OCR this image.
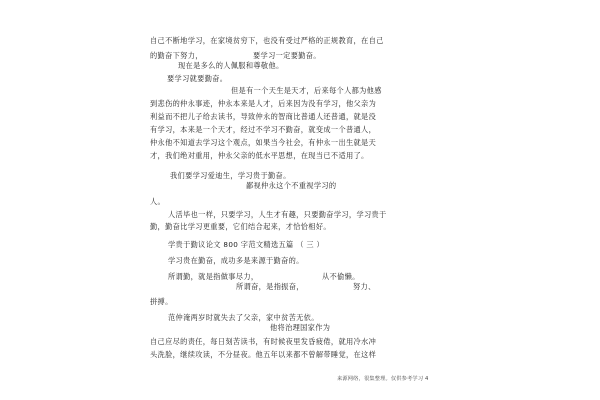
自己不断地学习，在家境贫穷下，也没有受过严格的正规教育，在自己

的勤奋下努力，	要学习一定要勤奋。

现在是多么的人佩服和尊敬他。

要学习就要勤奋。

但是有一个天生是天才，后来每个人都为他感

到悲伤的仲永事迹，仲永本来是人才，后来因为没有学习，他父亲为

利益而不把儿子给去读书，导致仲永的智商比普通人还普通，就是没

有学习，本来是一个天才，经过不学习不勤奋，就变成一个普通人，

仲永他不知道去学习这个观点，如果当今社会，有仲永一出生就是天

才，我们绝对重用，仲永父亲的低水平思想，在现当已不适用了。

我们要学习爱迪生，学习贵于勤奋。

鄙视仲永这个不重视学习的

人。

人活毕也一样，只要学习，人生才有趣，只要勤奋学习，学习贵于

勤，勤奋比学习更重要，它们结合起来，才恰恰相好。

学贵于勤议论文 800 字范文精选五篇 （ 三 ）

学习贵在勤奋，成功多是来源于勤奋的。

所谓勤，就是指做事尽力，	从不偷懒。

所谓奋，是指振奋，	努力、

拼搏。

范仲淹两岁时就失去了父亲，家中贫苦无依。

他将治理国家作为

自己应尽的责任，每日刻苦读书，有时候夜里发昏疲倦，就用冷水冲

头洗脸，继续攻读，不分昼夜。他五年以来都不曾解带睡觉，在这样

来源网络，很集整理。仅供参考学习 4
